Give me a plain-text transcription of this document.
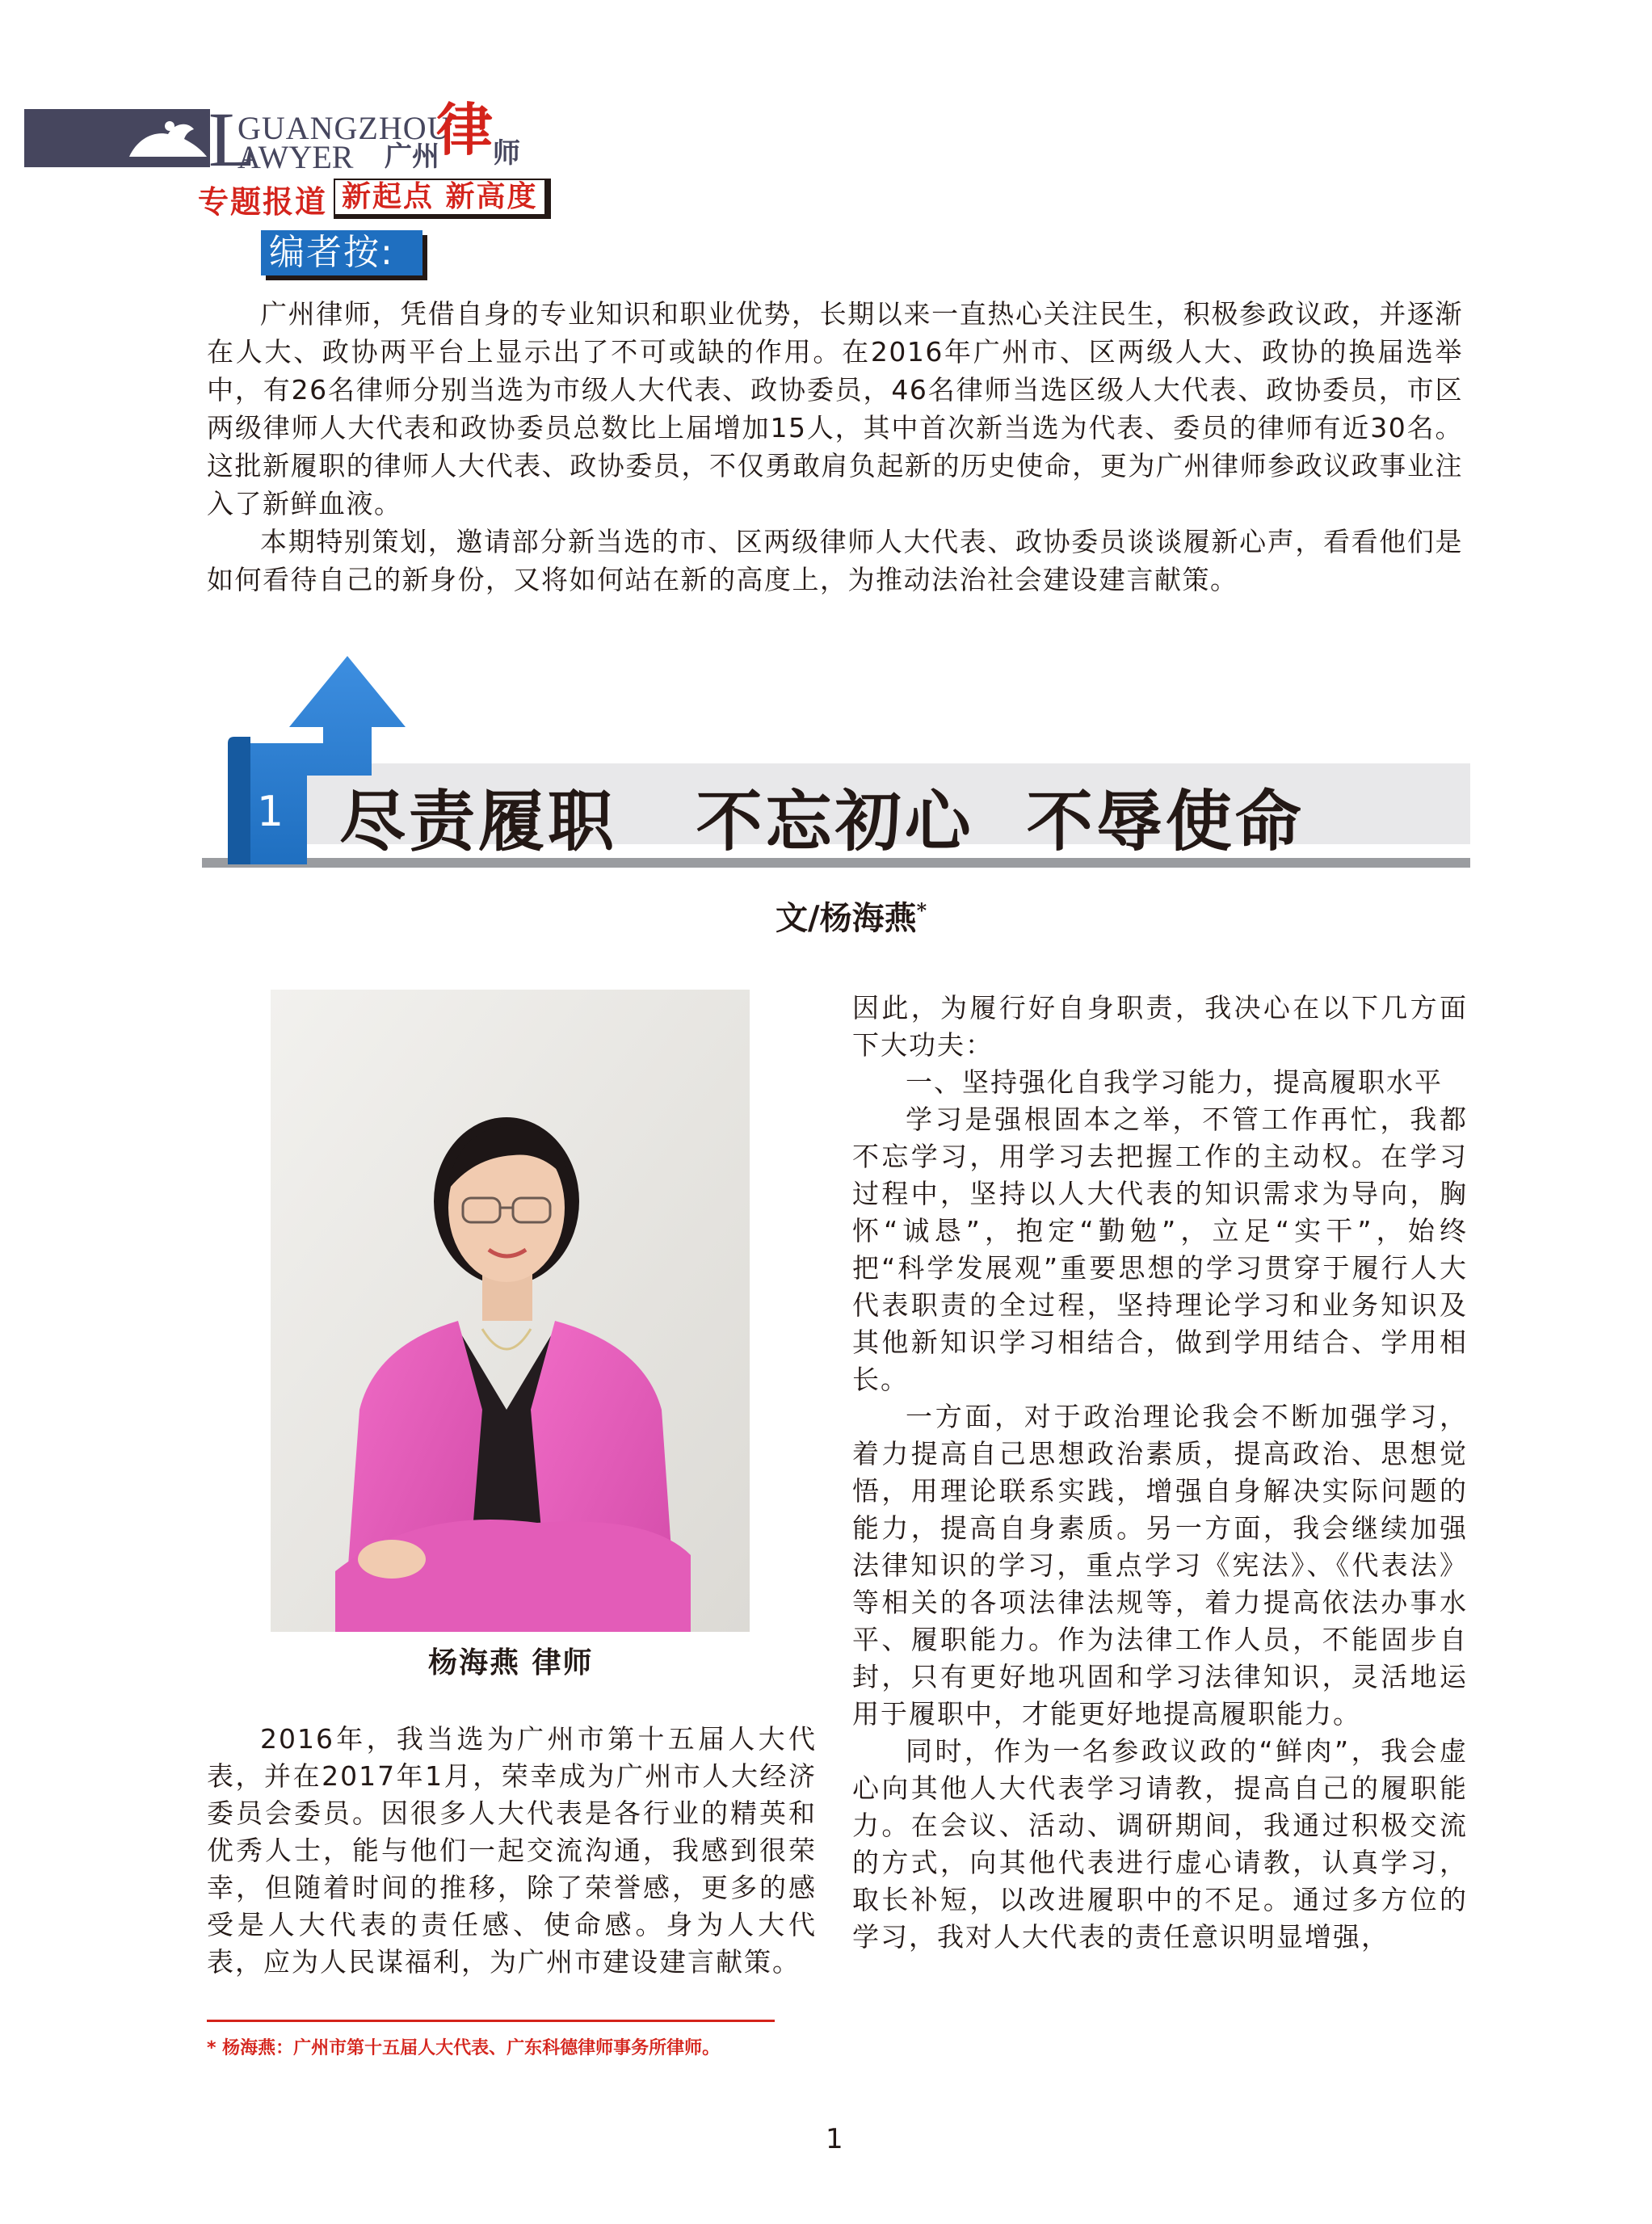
L
GUANGZHOU
AWYER 广州
律 师
专题报道 新起点 新高度
编者按:

广州律师，凭借自身的专业知识和职业优势，长期以来一直热心关注民生，积极参政议政，并逐渐在人大、政协两平台上显示出了不可或缺的作用。在2016年广州市、区两级人大、政协的换届选举中，有26名律师分别当选为市级人大代表、政协委员，46名律师当选区级人大代表、政协委员，市区两级律师人大代表和政协委员总数比上届增加15人，其中首次新当选为代表、委员的律师有近30名。这批新履职的律师人大代表、政协委员，不仅勇敢肩负起新的历史使命，更为广州律师参政议政事业注入了新鲜血液。

本期特别策划，邀请部分新当选的市、区两级律师人大代表、政协委员谈谈履新心声，看看他们是如何看待自己的新身份，又将如何站在新的高度上，为推动法治社会建设建言献策。

1 尽责履职   不忘初心  不辱使命
文/杨海燕*
杨海燕 律师

2016年，我当选为广州市第十五届人大代表，并在2017年1月，荣幸成为广州市人大经济委员会委员。因很多人大代表是各行业的精英和优秀人士，能与他们一起交流沟通，我感到很荣幸，但随着时间的推移，除了荣誉感，更多的感受是人大代表的责任感、使命感。身为人大代表，应为人民谋福利，为广州市建设建言献策。

因此，为履行好自身职责，我决心在以下几方面下大功夫：

一、坚持强化自我学习能力，提高履职水平

学习是强根固本之举，不管工作再忙，我都不忘学习，用学习去把握工作的主动权。在学习过程中，坚持以人大代表的知识需求为导向，胸怀“诚恳”，抱定“勤勉”，立足“实干”，始终把“科学发展观”重要思想的学习贯穿于履行人大代表职责的全过程，坚持理论学习和业务知识及其他新知识学习相结合，做到学用结合、学用相长。

一方面，对于政治理论我会不断加强学习，着力提高自己思想政治素质，提高政治、思想觉悟，用理论联系实践，增强自身解决实际问题的能力，提高自身素质。另一方面，我会继续加强法律知识的学习，重点学习《宪法》、《代表法》等相关的各项法律法规等，着力提高依法办事水平、履职能力。作为法律工作人员，不能固步自封，只有更好地巩固和学习法律知识，灵活地运用于履职中，才能更好地提高履职能力。

同时，作为一名参政议政的“鲜肉”，我会虚心向其他人大代表学习请教，提高自己的履职能力。在会议、活动、调研期间，我通过积极交流的方式，向其他代表进行虚心请教，认真学习，取长补短，以改进履职中的不足。通过多方位的学习，我对人大代表的责任意识明显增强，

* 杨海燕：广州市第十五届人大代表、广东科德律师事务所律师。
1
